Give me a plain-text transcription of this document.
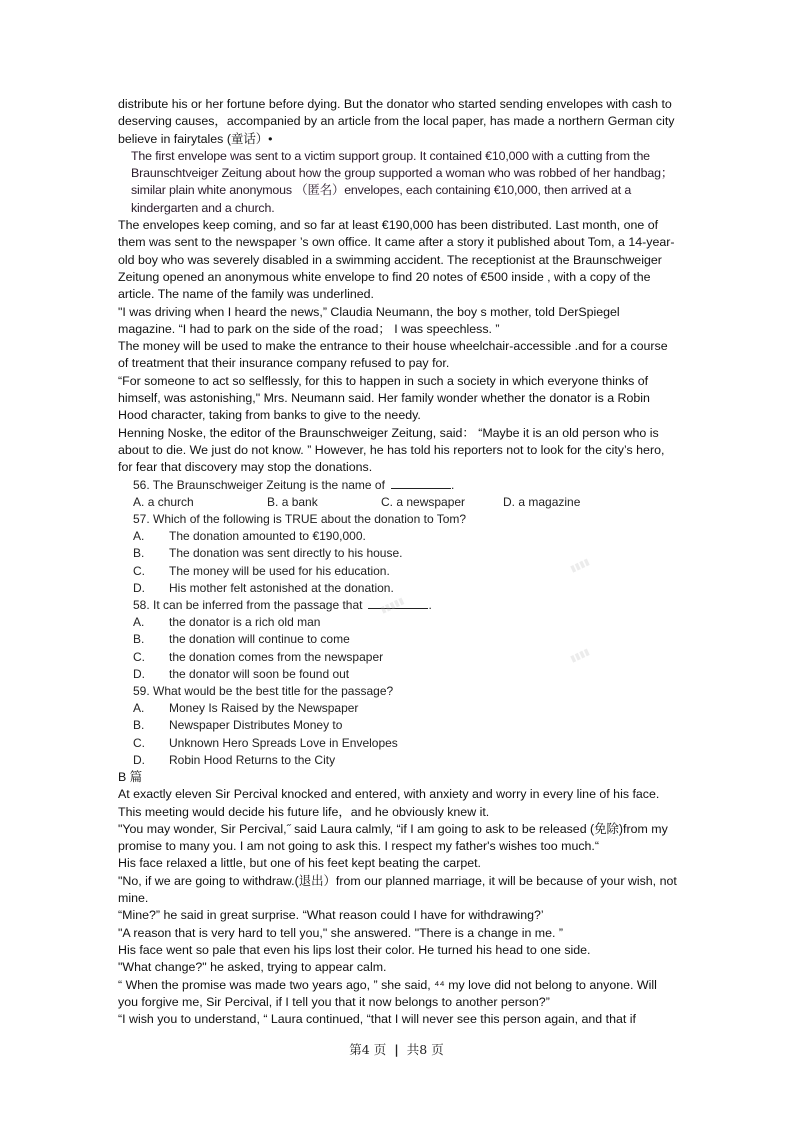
distribute his or her fortune before dying. But the donator who started sending envelopes with cash to deserving causes，accompanied by an article from the local paper, has made a northern German city believe in fairytales (童话）•

The first envelope was sent to a victim support group. It contained €10,000 with a cutting from the Braunschtveiger Zeitung about how the group supported a woman who was robbed of her handbag； similar plain white anonymous （匿名）envelopes, each containing €10,000, then arrived at a kindergarten and a church.

The envelopes keep coming, and so far at least €190,000 has been distributed. Last month, one of them was sent to the newspaper ’s own office. It came after a story it published about Tom, a 14-year-old boy who was severely disabled in a swimming accident. The receptionist at the Braunschweiger Zeitung opened an anonymous white envelope to find 20 notes of €500 inside , with a copy of the article. The name of the family was underlined.

"I was driving when I heard the news,” Claudia Neumann, the boy s mother, told DerSpiegel magazine. “I had to park on the side of the road； I was speechless. ”

The money will be used to make the entrance to their house wheelchair-accessible .and for a course of treatment that their insurance company refused to pay for.

“For someone to act so selflessly, for this to happen in such a society in which everyone thinks of himself, was astonishing," Mrs. Neumann said. Her family wonder whether the donator is a Robin Hood character, taking from banks to give to the needy.

Henning Noske, the editor of the Braunschweiger Zeitung, said： “Maybe it is an old person who is about to die. We just do not know. ” However, he has told his reporters not to look for the city’s hero, for fear that discovery may stop the donations.

56. The Braunschweiger Zeitung is the name of	.
A. a church	B. a bank	C. a newspaper	D. a magazine
57. Which of the following is TRUE about the donation to Tom?
A.	The donation amounted to €190,000.
B.	The donation was sent directly to his house.
C.	The money will be used for his education.
D.	His mother felt astonished at the donation.
58. It can be inferred from the passage that	.
A.	the donator is a rich old man
B.	the donation will continue to come
C.	the donation comes from the newspaper
D.	the donator will soon be found out
59. What would be the best title for the passage?
A.	Money Is Raised by the Newspaper
B.	Newspaper Distributes Money to
C.	Unknown Hero Spreads Love in Envelopes
D.	Robin Hood Returns to the City

B 篇

At exactly eleven Sir Percival knocked and entered, with anxiety and worry in every line of his face. This meeting would decide his future life，and he obviously knew it.

"You may wonder, Sir Percival,˝ said Laura calmly, “if I am going to ask to be released (免除)from my promise to many you. I am not going to ask this. I respect my father's wishes too much.“

His face relaxed a little, but one of his feet kept beating the carpet.

"No, if we are going to withdraw.(退出）from our planned marriage, it will be because of your wish, not mine.

“Mine?” he said in great surprise. “What reason could I have for withdrawing?’

"A reason that is very hard to tell you," she answered. "There is a change in me. ”

His face went so pale that even his lips lost their color. He turned his head to one side.

"What change?" he asked, trying to appear calm.

“ When the promise was made two years ago, ” she said, ⁴⁴ my love did not belong to anyone. Will you forgive me, Sir Percival, if I tell you that it now belongs to another person?”

“I wish you to understand, “ Laura continued, “that I will never see this person again, and that if

▮▮▮▮▮
▮▮▮▮
▮▮▮▮
第4 页 | 共8 页
